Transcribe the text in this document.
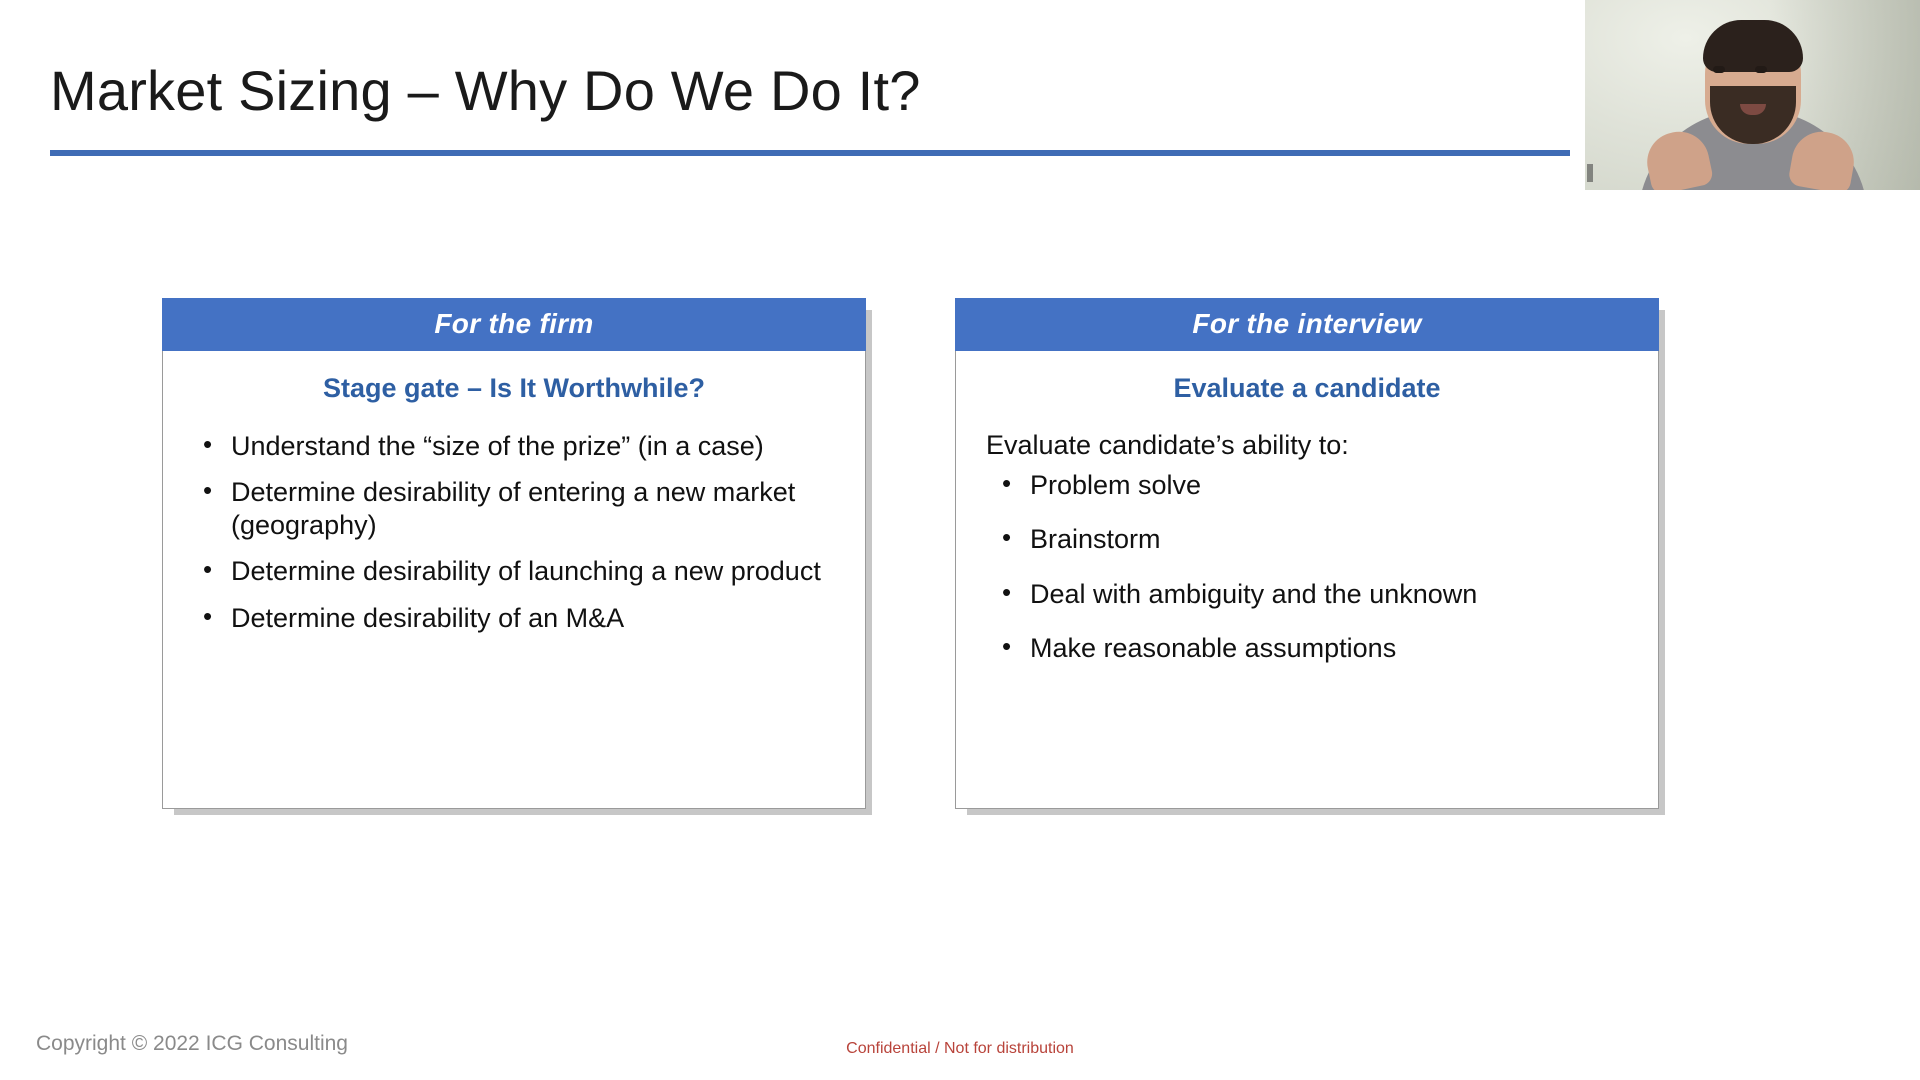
Market Sizing – Why Do We Do It?
For the firm
Stage gate – Is It Worthwhile?
• Understand the “size of the prize” (in a case)
• Determine desirability of entering a new market (geography)
• Determine desirability of launching a new product
• Determine desirability of an M&A
For the interview
Evaluate a candidate

Evaluate candidate’s ability to:

• Problem solve
• Brainstorm
• Deal with ambiguity and the unknown
• Make reasonable assumptions
Copyright © 2022 ICG Consulting	Confidential / Not for distribution
